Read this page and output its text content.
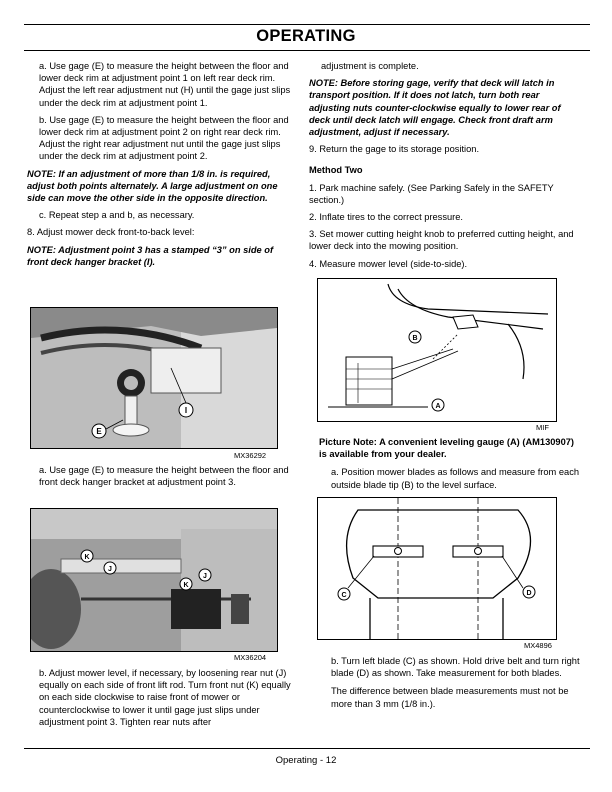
OPERATING

a. Use gage (E) to measure the height between the floor and lower deck rim at adjustment point 1 on left rear deck rim. Adjust the left rear adjustment nut (H) until the gage just slips under the deck rim at adjustment point 1.

b. Use gage (E) to measure the height between the floor and lower deck rim at adjustment point 2 on right rear deck rim. Adjust the right rear adjustment nut until the gage just slips under the deck rim at adjustment point 2.

NOTE: If an adjustment of more than 1/8 in. is required, adjust both points alternately. A large adjustment on one side can move the other side in the opposite direction.

c. Repeat step a and b, as necessary.

8. Adjust mower deck front-to-back level:

NOTE: Adjustment point 3 has a stamped “3” on side of front deck hanger bracket (I).

I
E
MX36292

a. Use gage (E) to measure the height between the floor and front deck hanger bracket at adjustment point 3.

K
J
K
J
MX36204

b. Adjust mower level, if necessary, by loosening rear nut (J) equally on each side of front lift rod. Turn front nut (K) equally on each side clockwise to raise front of mower or counterclockwise to lower it until gage just slips under adjustment point 3. Tighten rear nuts after

adjustment is complete.

NOTE: Before storing gage, verify that deck will latch in transport position. If it does not latch, turn both rear adjusting nuts counter-clockwise equally to lower rear of deck until deck latch will engage. Check front draft arm adjustment, adjust if necessary.

9. Return the gage to its storage position.

Method Two

1. Park machine safely. (See Parking Safely in the SAFETY section.)

2. Inflate tires to the correct pressure.

3. Set mower cutting height knob to preferred cutting height, and lower deck into the mowing position.

4. Measure mower level (side-to-side).

B
A
MIF

Picture Note: A convenient leveling gauge (A) (AM130907) is available from your dealer.

a. Position mower blades as follows and measure from each outside blade tip (B) to the level surface.

C	D
MX4896

b. Turn left blade (C) as shown. Hold drive belt and turn right blade (D) as shown. Take measurement for both blades.

The difference between blade measurements must not be more than 3 mm (1/8 in.).

Operating - 12
